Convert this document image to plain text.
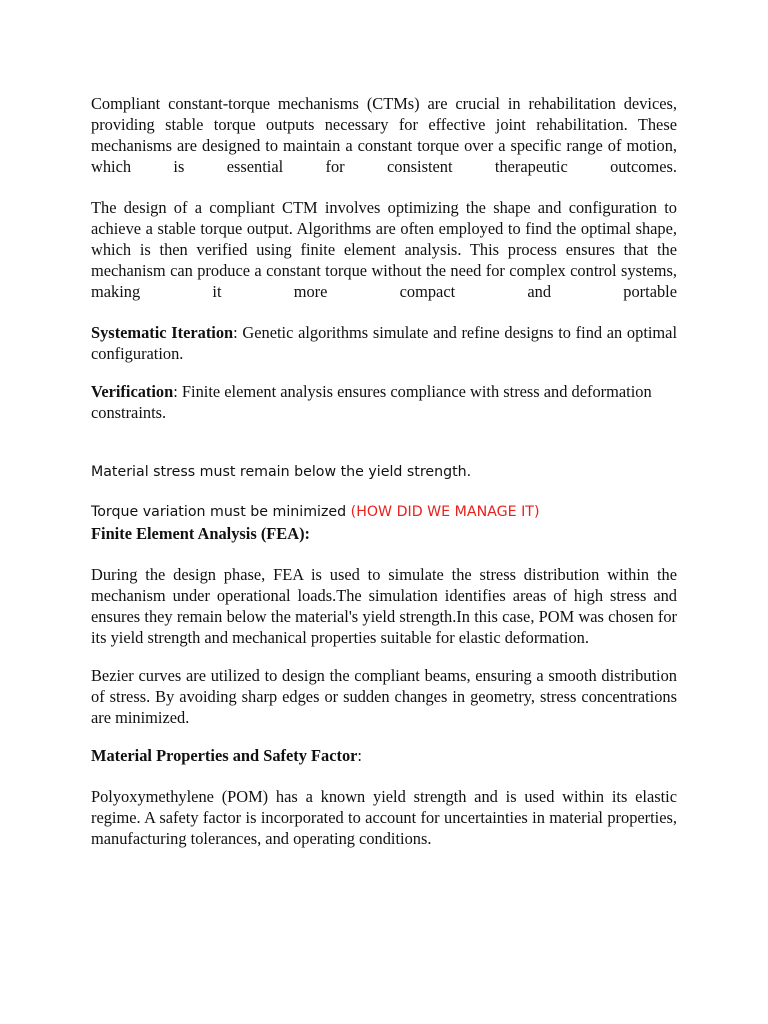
Compliant constant-torque mechanisms (CTMs) are crucial in rehabilitation devices, providing stable torque outputs necessary for effective joint rehabilitation. These mechanisms are designed to maintain a constant torque over a specific range of motion, which is essential for consistent therapeutic outcomes.

The design of a compliant CTM involves optimizing the shape and configuration to achieve a stable torque output. Algorithms are often employed to find the optimal shape, which is then verified using finite element analysis. This process ensures that the mechanism can produce a constant torque without the need for complex control systems, making it more compact and portable

Systematic Iteration: Genetic algorithms simulate and refine designs to find an optimal configuration.

Verification: Finite element analysis ensures compliance with stress and deformation constraints.

Material stress must remain below the yield strength.

Torque variation must be minimized (HOW DID WE MANAGE IT)

Finite Element Analysis (FEA):

During the design phase, FEA is used to simulate the stress distribution within the mechanism under operational loads.The simulation identifies areas of high stress and ensures they remain below the material's yield strength.In this case, POM was chosen for its yield strength and mechanical properties suitable for elastic deformation.

Bezier curves are utilized to design the compliant beams, ensuring a smooth distribution of stress. By avoiding sharp edges or sudden changes in geometry, stress concentrations are minimized.

Material Properties and Safety Factor:

Polyoxymethylene (POM) has a known yield strength and is used within its elastic regime. A safety factor is incorporated to account for uncertainties in material properties, manufacturing tolerances, and operating conditions.
